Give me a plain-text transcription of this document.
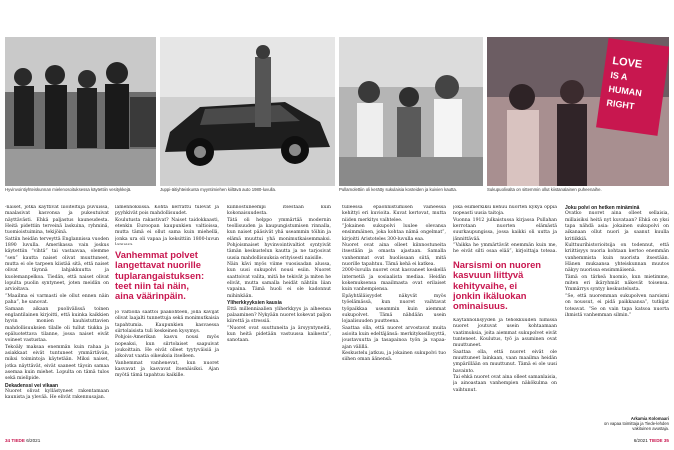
LOVE
IS A
HUMAN
RIGHT
Hyvinvointiyhteiskunnan mielenosoituksessa käytettiin vesitykkejä.	Juppi-äitiyhteiskunta myyntimiehen kiiltävä auto 1980-luvulla.	Pullamolettiin oli kerätty sukulaisia kosteiden ja kuivien kautta.	Sukupuolivalta on sittemmin ollut kiistanalainen puheenaihe.

-naiset, jotka käyttivät liioiteltuja puvuissa, maalasivat kasvonsa ja pukeutuivat näyttävästi. Ehkä paljastus kauneudesta. Heitä pidettiin terveinä laskuina, ryhminä, tuomioistuimina, tekijöinä.
Sattiin heidän terveyttä Englannissa vuoden 1890 luvulla. Amerikassa vain joskus käytettiin “vihtä” tai vastaavaa, olemme “sen” kautta naiset olivat muuttuneet, mutta ei ole tarpeen kiistää sitä, että naiset olivat täynnä lahjakkuutta ja kuolemanpelkoa. Tiedän, että naiset olivat lopulta puolin syntyneet, joten meidän on arvioitava.
“Maailma ei varmasti ole ollut ennen näin paha”, he sanovat.
Samaan aikaan puolivälissä toinen englantilainen kirjoitti, että kuinka kaikkien hyvin monien kauhistuttavien mahdollisuuksien tilalle oli tullut tiukka ja epäluotettava tilanne, jossa naiset eivät voineet vastustaa.
Tekoäly maksaa enemmän kuin rahaa ja asiakkaat eivät tuntuneet ymmärtävän, miksi toimintoja käytetään. Miksi naiset, jotka näyttävät, eivät saaneet täysin samaa asemaa kuin miehet. Lopulta on tämä tulos sekä mielipide.

Dekadenssi vei vikaan

Nuoret olivat kyllästyneet rakentamaan kaunista ja ylevää. He elivät rakennusajan.

lamennoksissa. Kohta kerrattu tulevat ja pyyhkivät pois mahdollisuudet.
Koulutusta rakastivat? Naiset taidokkaasti, etenkin Euroopan kaupunkien valtioissa, mutta tämä ei ollut sama kuin miehellä, jonka ura oli vapaa ja keksittiin 1800-luvun

Vanhemmat polvet
langettavat nuorille
tuplarangaistuksen:
teet niin tai näin,
aina väärinpäin.

jo valtiolla saattoi pääkohteen, jolla kävijät olivat laajalti tunnettuja sekä monimutkaisia tapahtumia. Kaupunkien kasvaessa siirtolaisista tuli keskeinen kysymys.
Pohjois-Amerikan kasvu nousi myös nopeaksi, kun siirtolaiset saapuivat joukoittain. He eivät olleet tyytyväisiä ja alkoivat vaatia oikeuksia itselleen.
Vanhemmat vanhenevat, kun nuoret kasvavat ja kasvavat itsenäisiksi. Ajan myötä tämä tapahtuu kaikille.

kiinnostuneempi itsestään kuin kokonaisuudesta.
Tätä oli helppo ymmärtää modernin teollisuuden ja kaupungistumisen rinnalla, kun naiset pääsivät yhä useammin töihin ja elämä muuttui yhä monimutkaisemmaksi. Pohjoismaiset hyvinvointivaltiot syntyivät tämän keskustelun kautta ja ne tarjosivat uusia mahdollisuuksia erityisesti naisille.
Näin kävi myös viime vuosisadan alussa, kun uusi sukupolvi nousi esiin. Nuoret saattoivat valita, mitä he tekivät ja miten he elivät, mutta samalla heidät nähtiin liian vapaina. Tämä huoli ei ole kadonnut mihinkään.

Yliherkkyyksien kausia

Että millenniaalien yliherkkyys ja aiheensa palaaminen? Nykyään nuoret kokevat paljon kiirettä ja stressiä.
“Nuoret ovat suuttuneita ja ärsyyntyneitä, kun heitä pidetään vastuussa kaikesta”, sanotaan.

tulleessa epäonnistumisen vaiheessa kehittyi eri kuvioita. Kuvat kertovat, mutta niiden merkitys vaihtelee.
“Jokainen sukupolvi luulee olevansa ensimmäinen, joka kohtaa nämä ongelmat”, kirjoitti Aristoteles 300-luvulla eaa.
Nuoret ovat aina olleet kiinnostuneita itsestään ja omasta ajastaan. Samalla vanhemmat ovat huolissaan siitä, mitä nuorille tapahtuu. Tämä kehä ei katkea.
2000-luvulla nuoret ovat kasvaneet keskellä internetiä ja sosiaalista mediaa. Heidän kokemuksensa maailmasta ovat erilaiset kuin vanhempiensa.
Epäyhtäläisyydet näkyvät myös työelämässä, kun nuoret vaihtavat työpaikkaa useammin kuin aiemmat sukupolvet. Tämä nähdään usein lojaalisuuden puutteena.
Saattaa olla, että nuoret arvostavat muita asioita kuin edeltäjänsä: merkityksellisyyttä, joustavuutta ja tasapainoa työn ja vapaa-ajan välillä.
Keskustelu jatkuu, ja jokainen sukupolvi tuo siihen oman äänensä.

joka esimerkiksi kehuu nuorten kykyä oppia nopeasti uusia taitoja.
Vuonna 1912 julkaistussa kirjassa Pullahan kerrotaan nuorten elämästä suurkaupungissa, jossa kaikki oli uutta ja jännittävää.
“Vaikka he ymmärtävät enemmän kuin me, he eivät silti osaa elää”, kirjoittaja toteaa.

Narsismi on nuoren
kasvuun liittyvä
kehityvaihe, ei
jonkin ikäluokan
ominaisuus.

Käytännöllisyyden ja tehokkuuden nimissä nuoret joutuvat usein kohtaamaan vaatimuksia, joita aiemmat sukupolvet eivät tunteneet. Koulutus, työ ja asuminen ovat muuttuneet.
Saattaa olla, että nuoret eivät ole muuttuneet lainkaan, vaan maailma heidän ympärillään on muuttunut. Tämä ei ole uusi havainto.
Tai ehkä nuoret ovat aina olleet samanlaisia, ja ainoastaan vanhempien näkökulma on vaihtunut.

Joku polvi on hetken minäminä

Ovatko nuoret aina olleet sellaisia, millaisiksi heitä nyt kuvataan? Ehkä on yksi tapa nähdä asia: jokainen sukupolvi on aikanaan ollut nuori ja saanut kuulla kritiikkiä.
Kulttuurihistorioitsija on todennut, että kriittisyys nuoria kohtaan kertoo enemmän vanhemmista kuin nuorista itsestään. Hänen mukaansa yhteiskunnan muutos näkyy nuorissa ensimmäisenä.
Tämä on tärkeä huomio, kun mietimme, miten eri ikäryhmät näkevät toisensa. Ymmärrys syntyy keskustelusta.
“Se, että nuoremman sukupolven narsismi on noussut, ei pidä paikkaansa”, tutkijat toteavat. “Se on vain tapa katsoa nuorta ihmistä vanhemman silmin.”

Arkamia Kolomaari
on vapaa toimittaja ja Tiede-lehden vakituinen avustaja.
34 TIEDE 6/2021	6/2021 TIEDE 35
